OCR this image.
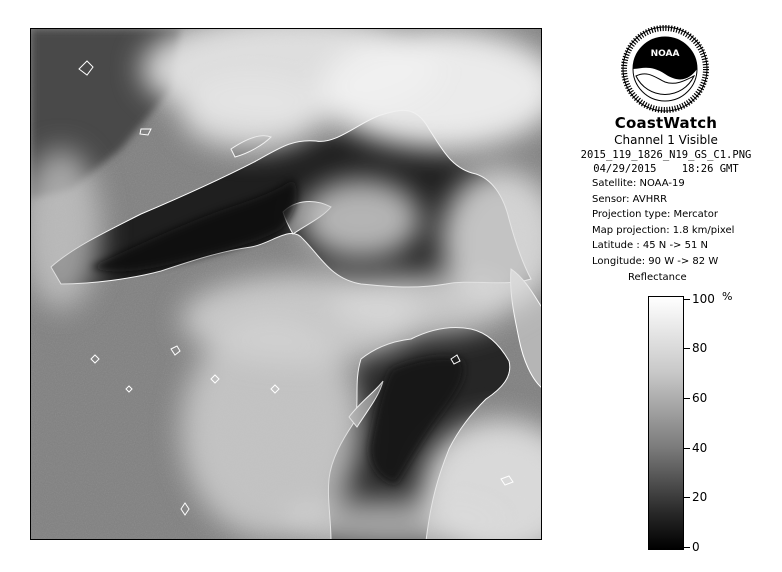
NOAA
CoastWatch
Channel 1 Visible
2015_119_1826_N19_GS_C1.PNG
04/29/2015 18:26 GMT
Satellite: NOAA-19
Sensor: AVHRR
Projection type: Mercator
Map projection: 1.8 km/pixel
Latitude : 45 N -> 51 N
Longitude: 90 W -> 82 W
Reflectance
%
100
80
60
40
20
0
